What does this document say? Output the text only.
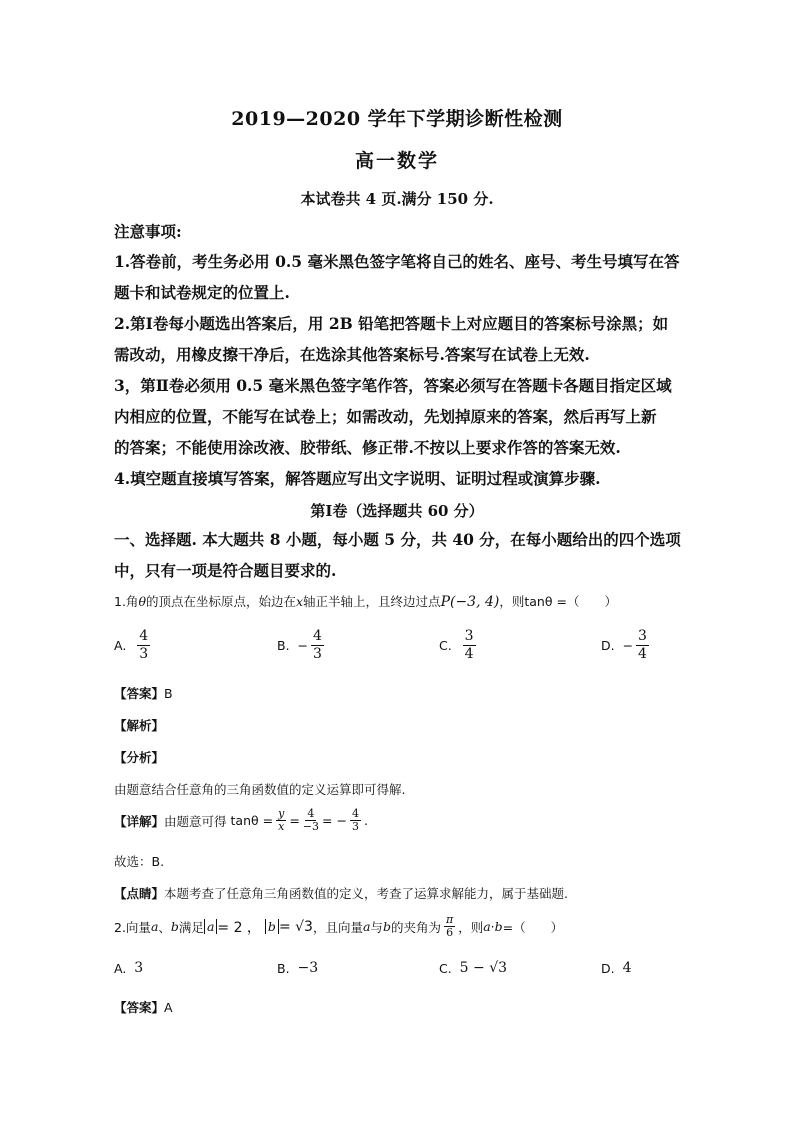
2019—2020 学年下学期诊断性检测
高一数学
本试卷共 4 页.满分 150 分.
注意事项:

1.答卷前，考生务必用 0.5 毫米黑色签字笔将自己的姓名、座号、考生号填写在答

题卡和试卷规定的位置上.

2.第Ⅰ卷每小题选出答案后，用 2B 铅笔把答题卡上对应题目的答案标号涂黑；如

需改动，用橡皮擦干净后，在选涂其他答案标号.答案写在试卷上无效.

3，第Ⅱ卷必须用 0.5 毫米黑色签字笔作答，答案必须写在答题卡各题目指定区域

内相应的位置，不能写在试卷上；如需改动，先划掉原来的答案，然后再写上新

的答案；不能使用涂改液、胶带纸、修正带.不按以上要求作答的答案无效.

4.填空题直接填写答案，解答题应写出文字说明、证明过程或演算步骤.

第Ⅰ卷（选择题共 60 分）
一、选择题. 本大题共 8 小题，每小题 5 分，共 40 分，在每小题给出的四个选项
中，只有一项是符合题目要求的.
1.角θ的顶点在坐标原点，始边在x轴正半轴上，且终边过点P(−3, 4)，则tanθ =（　　）
A.
$\frac{4}{3}$	B.
− $\frac{4}{3}$	C.
$\frac{3}{4}$	D.
− $\frac{3}{4}$
【答案】B
【解析】
【分析】
由题意结合任意角的三角函数值的定义运算即可得解.
【详解】 由题意可得
$\tan\theta = \frac{y}{x} = \frac{4}{-3}$ = − $\frac{4}{3}$ .
故选：B.
【点睛】本题考查了任意角三角函数值的定义，考查了运算求解能力，属于基础题.
2.向量 a 、 b 满足 a = 2 ，
b = √3 ，且向量 a 与 b 的夹角为 $\frac{\pi}{6}$ ，则 a · b =（　　）
A.
3	B.
−3	C.
5 − √3	D.
4
【答案】A
